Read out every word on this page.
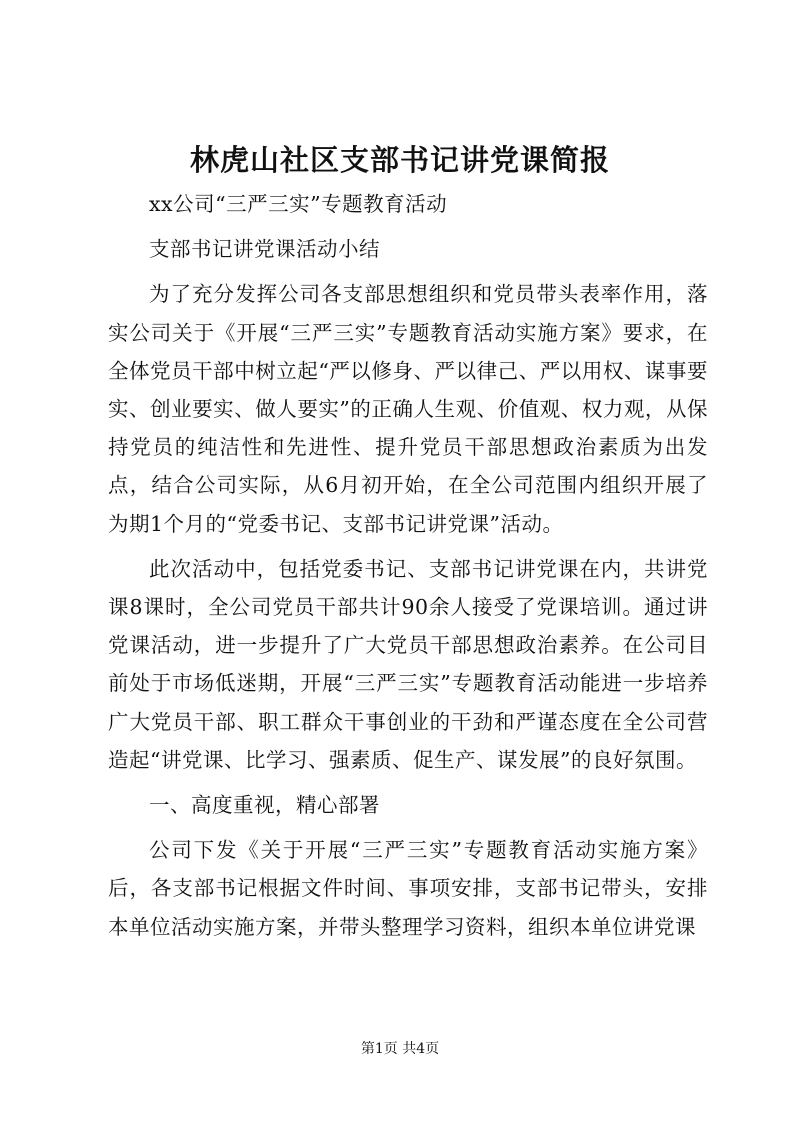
林虎山社区支部书记讲党课简报

xx公司“三严三实”专题教育活动

支部书记讲党课活动小结

为了充分发挥公司各支部思想组织和党员带头表率作用，落实公司关于《开展“三严三实”专题教育活动实施方案》要求，在全体党员干部中树立起“严以修身、严以律己、严以用权、谋事要实、创业要实、做人要实”的正确人生观、价值观、权力观，从保持党员的纯洁性和先进性、提升党员干部思想政治素质为出发点，结合公司实际，从6月初开始，在全公司范围内组织开展了为期1个月的“党委书记、支部书记讲党课”活动。

此次活动中，包括党委书记、支部书记讲党课在内，共讲党课8课时，全公司党员干部共计90余人接受了党课培训。通过讲党课活动，进一步提升了广大党员干部思想政治素养。在公司目前处于市场低迷期，开展“三严三实”专题教育活动能进一步培养广大党员干部、职工群众干事创业的干劲和严谨态度在全公司营造起“讲党课、比学习、强素质、促生产、谋发展”的良好氛围。

一、高度重视，精心部署

公司下发《关于开展“三严三实”专题教育活动实施方案》后，各支部书记根据文件时间、事项安排，支部书记带头，安排本单位活动实施方案，并带头整理学习资料，组织本单位讲党课

第1页 共4页
